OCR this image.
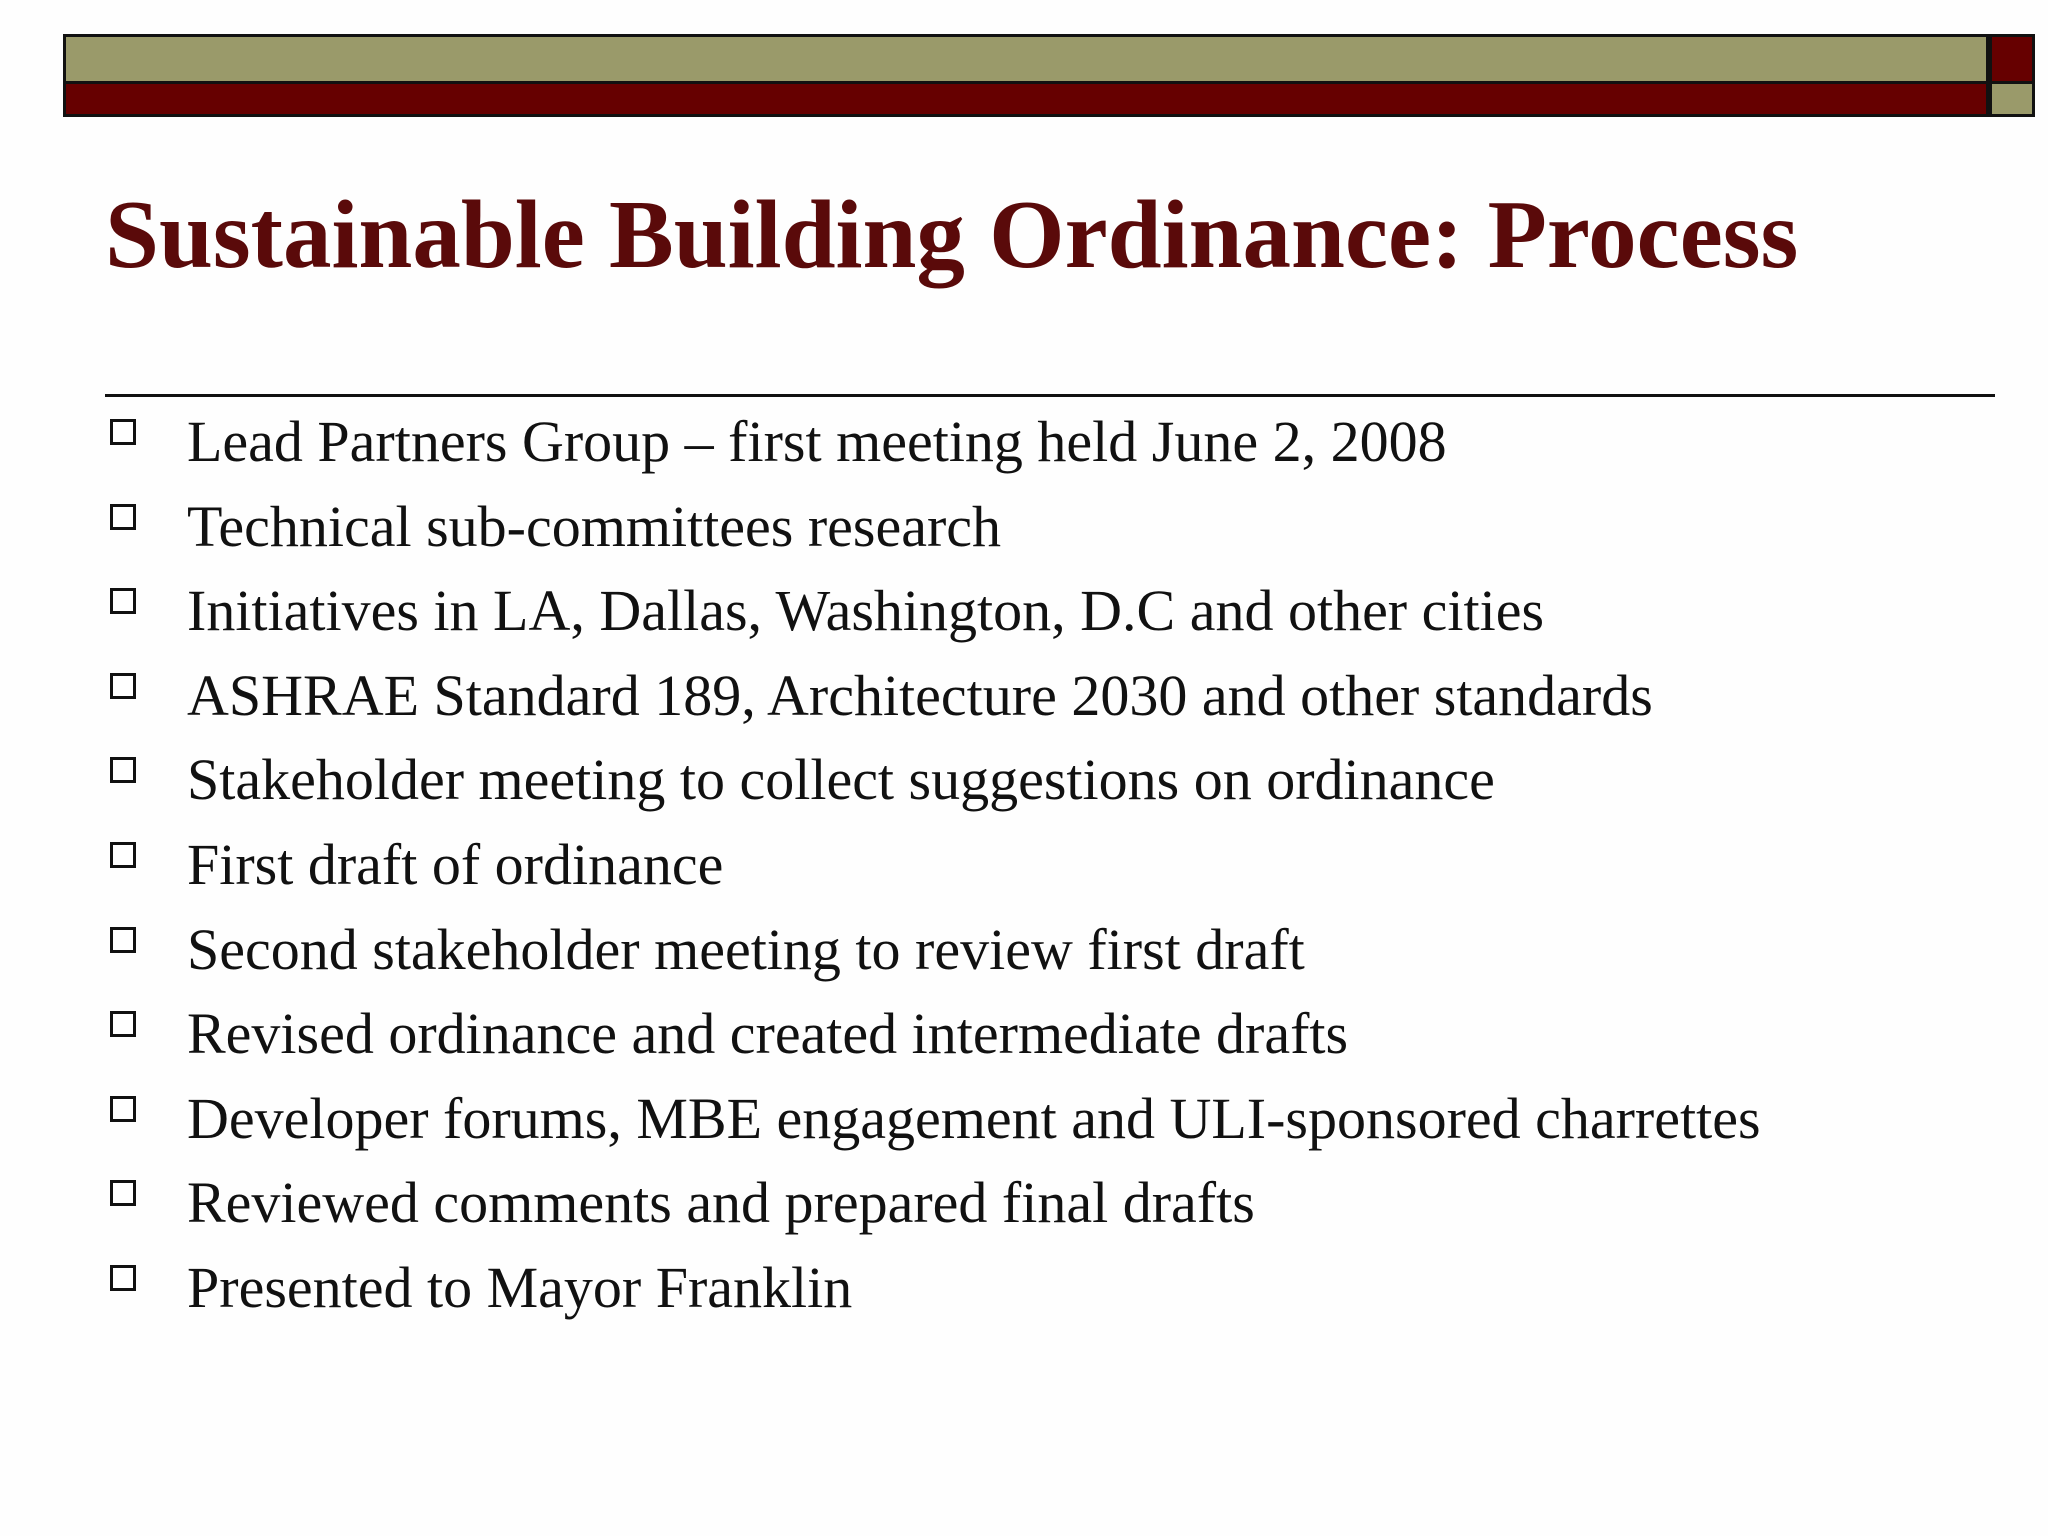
Sustainable Building Ordinance: Process
Lead Partners Group – first meeting held June 2, 2008
Technical sub-committees research
Initiatives in LA, Dallas, Washington, D.C and other cities
ASHRAE Standard 189, Architecture 2030 and other standards
Stakeholder meeting to collect suggestions on ordinance
First draft of ordinance
Second stakeholder meeting to review first draft
Revised ordinance and created intermediate drafts
Developer forums, MBE engagement and ULI-sponsored charrettes
Reviewed comments and prepared final drafts
Presented to Mayor Franklin
